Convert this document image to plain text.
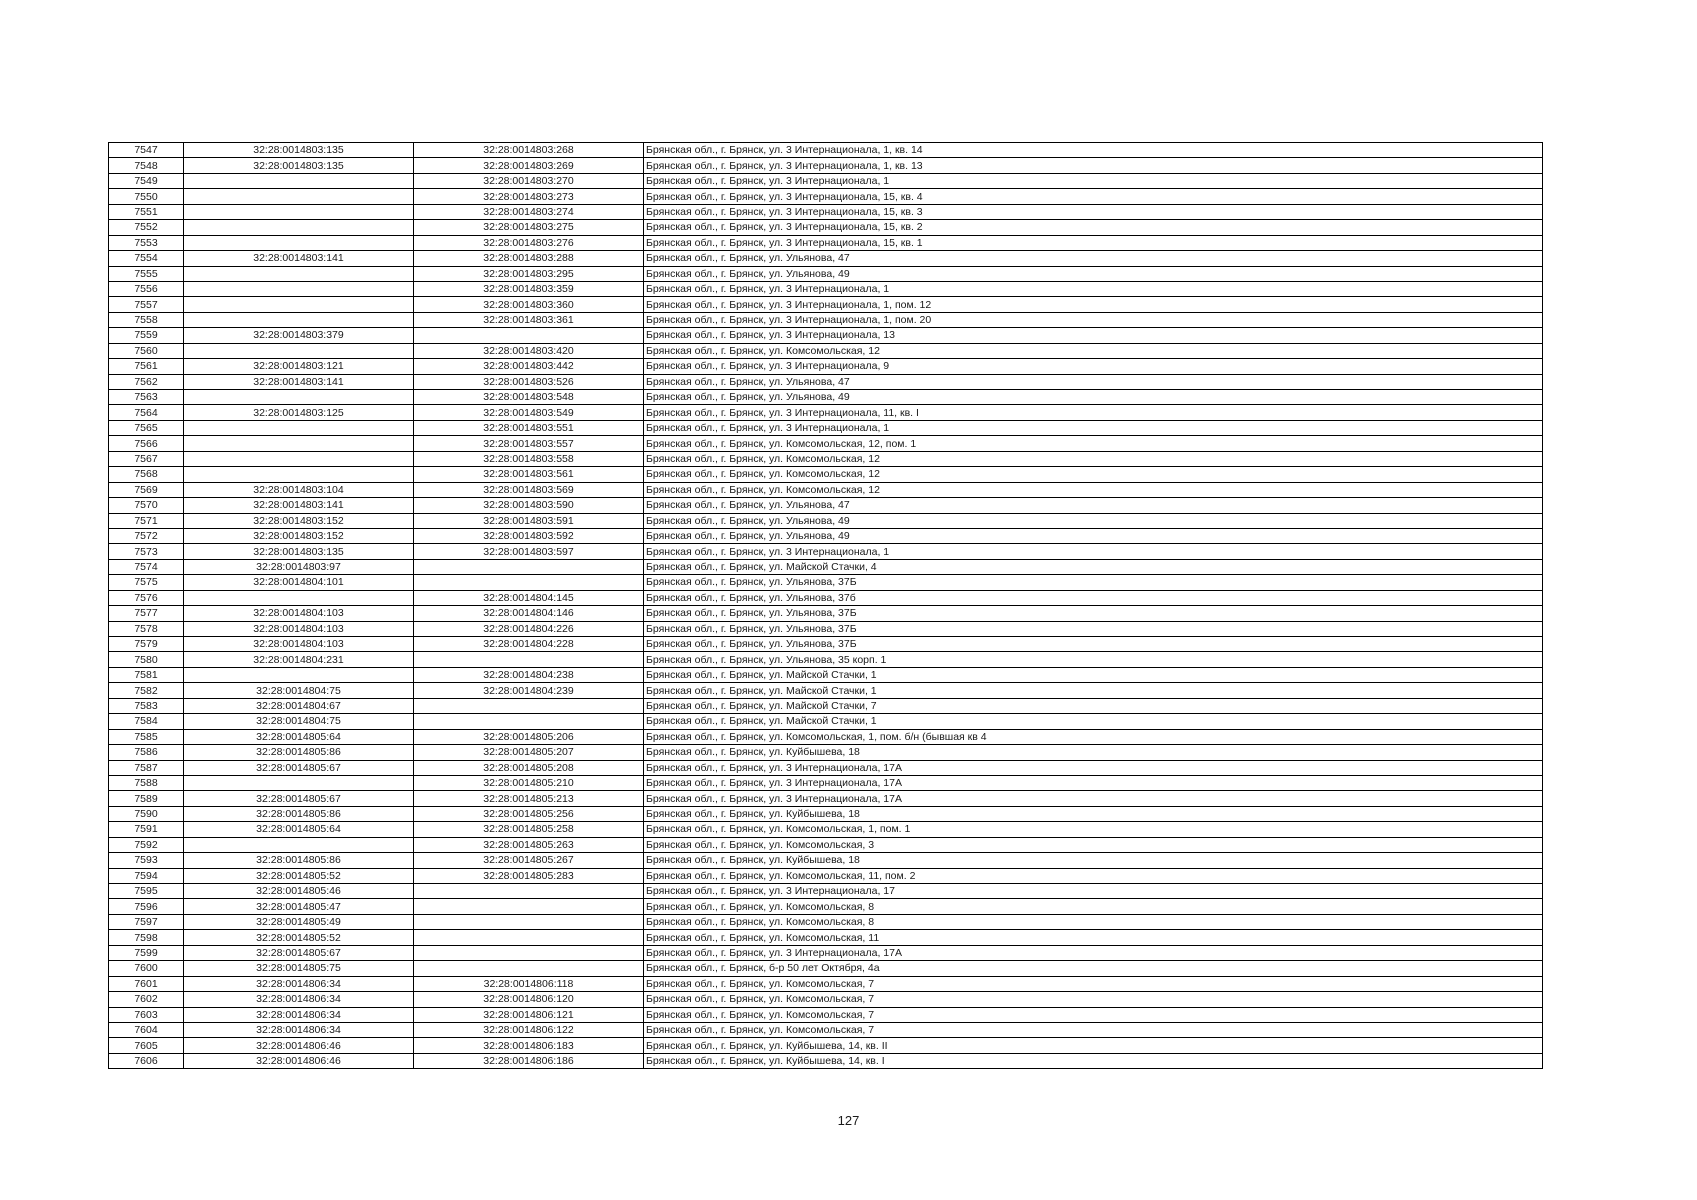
7547	32:28:0014803:135	32:28:0014803:268	Брянская обл., г. Брянск, ул. 3 Интернационала, 1, кв. 14
7548	32:28:0014803:135	32:28:0014803:269	Брянская обл., г. Брянск, ул. 3 Интернационала, 1, кв. 13
7549		32:28:0014803:270	Брянская обл., г. Брянск, ул. 3 Интернационала, 1
7550		32:28:0014803:273	Брянская обл., г. Брянск, ул. 3 Интернационала, 15, кв. 4
7551		32:28:0014803:274	Брянская обл., г. Брянск, ул. 3 Интернационала, 15, кв. 3
7552		32:28:0014803:275	Брянская обл., г. Брянск, ул. 3 Интернационала, 15, кв. 2
7553		32:28:0014803:276	Брянская обл., г. Брянск, ул. 3 Интернационала, 15, кв. 1
7554	32:28:0014803:141	32:28:0014803:288	Брянская обл., г. Брянск, ул. Ульянова, 47
7555		32:28:0014803:295	Брянская обл., г. Брянск, ул. Ульянова, 49
7556		32:28:0014803:359	Брянская обл., г. Брянск, ул. 3 Интернационала, 1
7557		32:28:0014803:360	Брянская обл., г. Брянск, ул. 3 Интернационала, 1, пом. 12
7558		32:28:0014803:361	Брянская обл., г. Брянск, ул. 3 Интернационала, 1, пом. 20
7559	32:28:0014803:379		Брянская обл., г. Брянск, ул. 3 Интернационала, 13
7560		32:28:0014803:420	Брянская обл., г. Брянск, ул. Комсомольская, 12
7561	32:28:0014803:121	32:28:0014803:442	Брянская обл., г. Брянск, ул. 3 Интернационала, 9
7562	32:28:0014803:141	32:28:0014803:526	Брянская обл., г. Брянск, ул. Ульянова, 47
7563		32:28:0014803:548	Брянская обл., г. Брянск, ул. Ульянова, 49
7564	32:28:0014803:125	32:28:0014803:549	Брянская обл., г. Брянск, ул. 3 Интернационала, 11, кв. I
7565		32:28:0014803:551	Брянская обл., г. Брянск, ул. 3 Интернационала, 1
7566		32:28:0014803:557	Брянская обл., г. Брянск, ул. Комсомольская, 12, пом. 1
7567		32:28:0014803:558	Брянская обл., г. Брянск, ул. Комсомольская, 12
7568		32:28:0014803:561	Брянская обл., г. Брянск, ул. Комсомольская, 12
7569	32:28:0014803:104	32:28:0014803:569	Брянская обл., г. Брянск, ул. Комсомольская, 12
7570	32:28:0014803:141	32:28:0014803:590	Брянская обл., г. Брянск, ул. Ульянова, 47
7571	32:28:0014803:152	32:28:0014803:591	Брянская обл., г. Брянск, ул. Ульянова, 49
7572	32:28:0014803:152	32:28:0014803:592	Брянская обл., г. Брянск, ул. Ульянова, 49
7573	32:28:0014803:135	32:28:0014803:597	Брянская обл., г. Брянск, ул. 3 Интернационала, 1
7574	32:28:0014803:97		Брянская обл., г. Брянск, ул. Майской Стачки, 4
7575	32:28:0014804:101		Брянская обл., г. Брянск, ул. Ульянова, 37Б
7576		32:28:0014804:145	Брянская обл., г. Брянск, ул. Ульянова, 37б
7577	32:28:0014804:103	32:28:0014804:146	Брянская обл., г. Брянск, ул. Ульянова, 37Б
7578	32:28:0014804:103	32:28:0014804:226	Брянская обл., г. Брянск, ул. Ульянова, 37Б
7579	32:28:0014804:103	32:28:0014804:228	Брянская обл., г. Брянск, ул. Ульянова, 37Б
7580	32:28:0014804:231		Брянская обл., г. Брянск, ул. Ульянова, 35 корп. 1
7581		32:28:0014804:238	Брянская обл., г. Брянск, ул. Майской Стачки, 1
7582	32:28:0014804:75	32:28:0014804:239	Брянская обл., г. Брянск, ул. Майской Стачки, 1
7583	32:28:0014804:67		Брянская обл., г. Брянск, ул. Майской Стачки, 7
7584	32:28:0014804:75		Брянская обл., г. Брянск, ул. Майской Стачки, 1
7585	32:28:0014805:64	32:28:0014805:206	Брянская обл., г. Брянск, ул. Комсомольская, 1, пом. б/н (бывшая кв 4
7586	32:28:0014805:86	32:28:0014805:207	Брянская обл., г. Брянск, ул. Куйбышева, 18
7587	32:28:0014805:67	32:28:0014805:208	Брянская обл., г. Брянск, ул. 3 Интернационала, 17А
7588		32:28:0014805:210	Брянская обл., г. Брянск, ул. 3 Интернационала, 17А
7589	32:28:0014805:67	32:28:0014805:213	Брянская обл., г. Брянск, ул. 3 Интернационала, 17А
7590	32:28:0014805:86	32:28:0014805:256	Брянская обл., г. Брянск, ул. Куйбышева, 18
7591	32:28:0014805:64	32:28:0014805:258	Брянская обл., г. Брянск, ул. Комсомольская, 1, пом. 1
7592		32:28:0014805:263	Брянская обл., г. Брянск, ул. Комсомольская, 3
7593	32:28:0014805:86	32:28:0014805:267	Брянская обл., г. Брянск, ул. Куйбышева, 18
7594	32:28:0014805:52	32:28:0014805:283	Брянская обл., г. Брянск, ул. Комсомольская, 11, пом. 2
7595	32:28:0014805:46		Брянская обл., г. Брянск, ул. 3 Интернационала, 17
7596	32:28:0014805:47		Брянская обл., г. Брянск, ул. Комсомольская, 8
7597	32:28:0014805:49		Брянская обл., г. Брянск, ул. Комсомольская, 8
7598	32:28:0014805:52		Брянская обл., г. Брянск, ул. Комсомольская, 11
7599	32:28:0014805:67		Брянская обл., г. Брянск, ул. 3 Интернационала, 17А
7600	32:28:0014805:75		Брянская обл., г. Брянск, б-р 50 лет Октября, 4а
7601	32:28:0014806:34	32:28:0014806:118	Брянская обл., г. Брянск, ул. Комсомольская, 7
7602	32:28:0014806:34	32:28:0014806:120	Брянская обл., г. Брянск, ул. Комсомольская, 7
7603	32:28:0014806:34	32:28:0014806:121	Брянская обл., г. Брянск, ул. Комсомольская, 7
7604	32:28:0014806:34	32:28:0014806:122	Брянская обл., г. Брянск, ул. Комсомольская, 7
7605	32:28:0014806:46	32:28:0014806:183	Брянская обл., г. Брянск, ул. Куйбышева, 14, кв. II
7606	32:28:0014806:46	32:28:0014806:186	Брянская обл., г. Брянск, ул. Куйбышева, 14, кв. I
127
